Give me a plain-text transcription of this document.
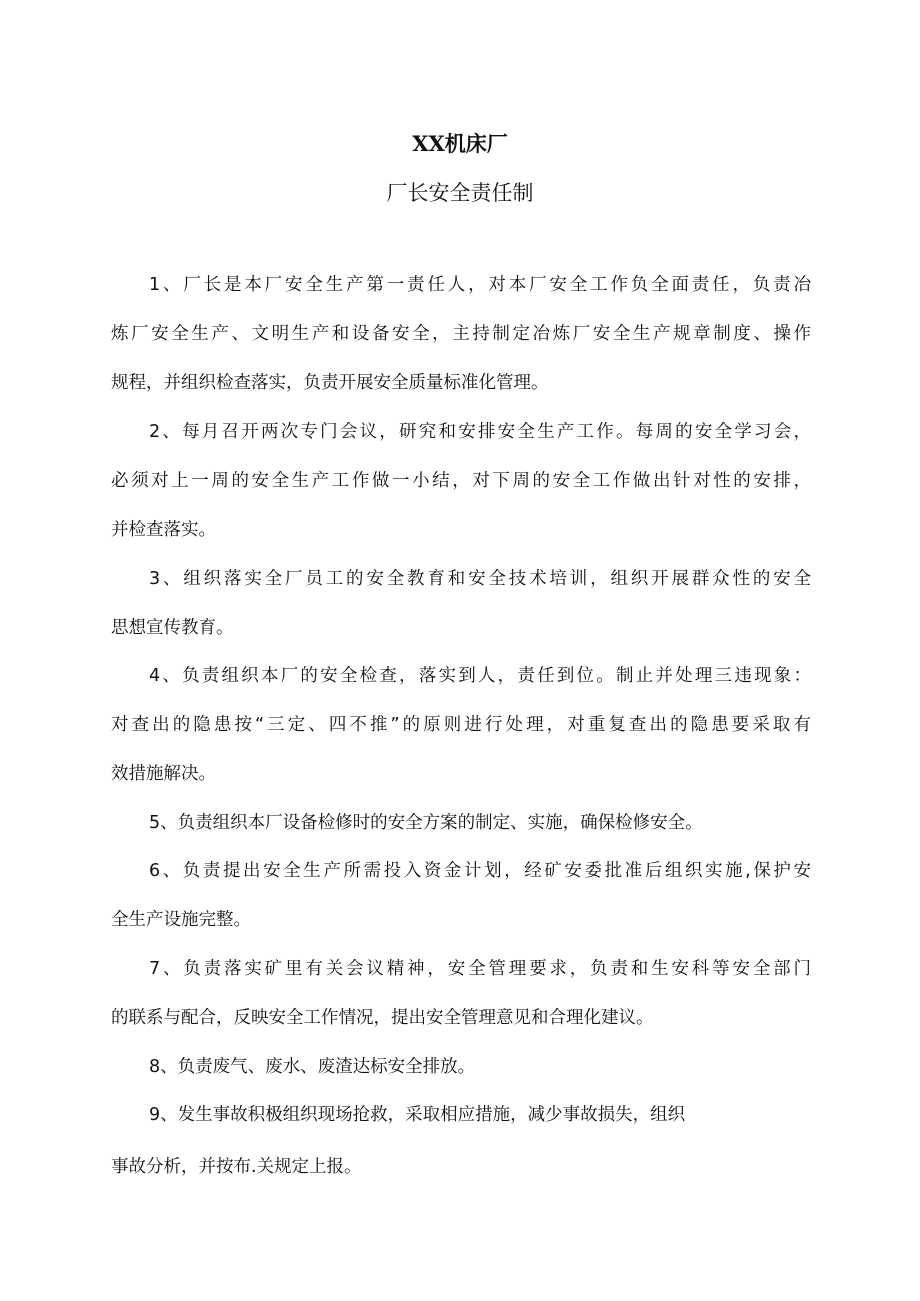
XX机床厂
厂长安全责任制
1、厂长是本厂安全生产第一责任人，对本厂安全工作负全面责任，负责冶
炼厂安全生产、文明生产和设备安全，主持制定冶炼厂安全生产规章制度、操作
规程，并组织检查落实，负责开展安全质量标准化管理。
2、每月召开两次专门会议，研究和安排安全生产工作。每周的安全学习会，
必须对上一周的安全生产工作做一小结，对下周的安全工作做出针对性的安排，
并检查落实。
3、组织落实全厂员工的安全教育和安全技术培训，组织开展群众性的安全
思想宣传教育。
4、负责组织本厂的安全检查，落实到人，责任到位。制止并处理三违现象：
对查出的隐患按“三定、四不推”的原则进行处理，对重复查出的隐患要采取有
效措施解决。
5、负责组织本厂设备检修时的安全方案的制定、实施，确保检修安全。
6、负责提出安全生产所需投入资金计划，经矿安委批准后组织实施,保护安
全生产设施完整。
7、负责落实矿里有关会议精神，安全管理要求，负责和生安科等安全部门
的联系与配合，反映安全工作情况，提出安全管理意见和合理化建议。
8、负责废气、废水、废渣达标安全排放。
9、发生事故积极组织现场抢救，采取相应措施，减少事故损失，组织
事故分析，并按布.关规定上报。
